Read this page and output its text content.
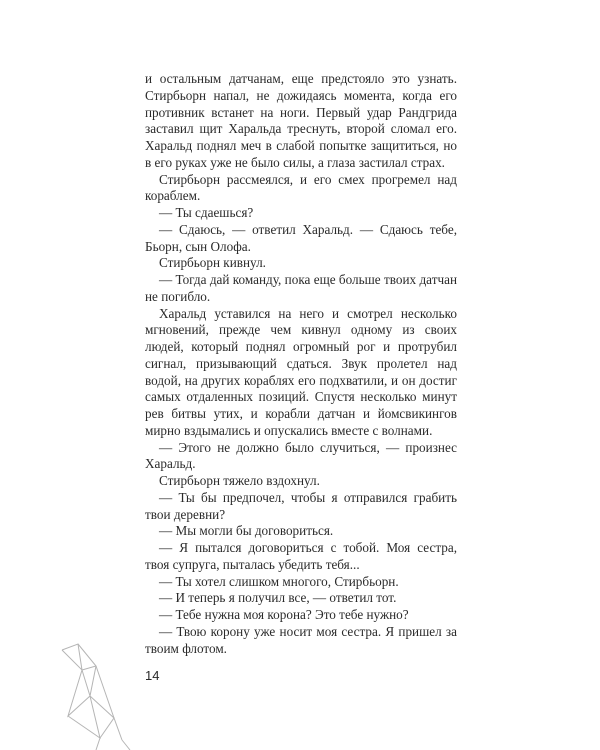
и остальным датчанам, еще предстояло это узнать. Стирбьорн напал, не дожидаясь момента, когда его противник встанет на ноги. Первый удар Рандгрида заставил щит Харальда треснуть, второй сломал его. Харальд поднял меч в слабой попытке защититься, но в его руках уже не было силы, а глаза застилал страх.

Стирбьорн рассмеялся, и его смех прогремел над кораблем.

— Ты сдаешься?

— Сдаюсь, — ответил Харальд. — Сдаюсь тебе, Бьорн, сын Олофа.

Стирбьорн кивнул.

— Тогда дай команду, пока еще больше твоих датчан не погибло.

Харальд уставился на него и смотрел несколько мгновений, прежде чем кивнул одному из своих людей, который поднял огромный рог и протрубил сигнал, призывающий сдаться. Звук пролетел над водой, на других кораблях его подхватили, и он достиг самых отдаленных позиций. Спустя несколько минут рев битвы утих, и корабли датчан и йомсвикингов мирно вздымались и опускались вместе с волнами.

— Этого не должно было случиться, — произнес Харальд.

Стирбьорн тяжело вздохнул.

— Ты бы предпочел, чтобы я отправился грабить твои деревни?

— Мы могли бы договориться.

— Я пытался договориться с тобой. Моя сестра, твоя супруга, пыталась убедить тебя...

— Ты хотел слишком многого, Стирбьорн.

— И теперь я получил все, — ответил тот.

— Тебе нужна моя корона? Это тебе нужно?

— Твою корону уже носит моя сестра. Я пришел за твоим флотом.

14
